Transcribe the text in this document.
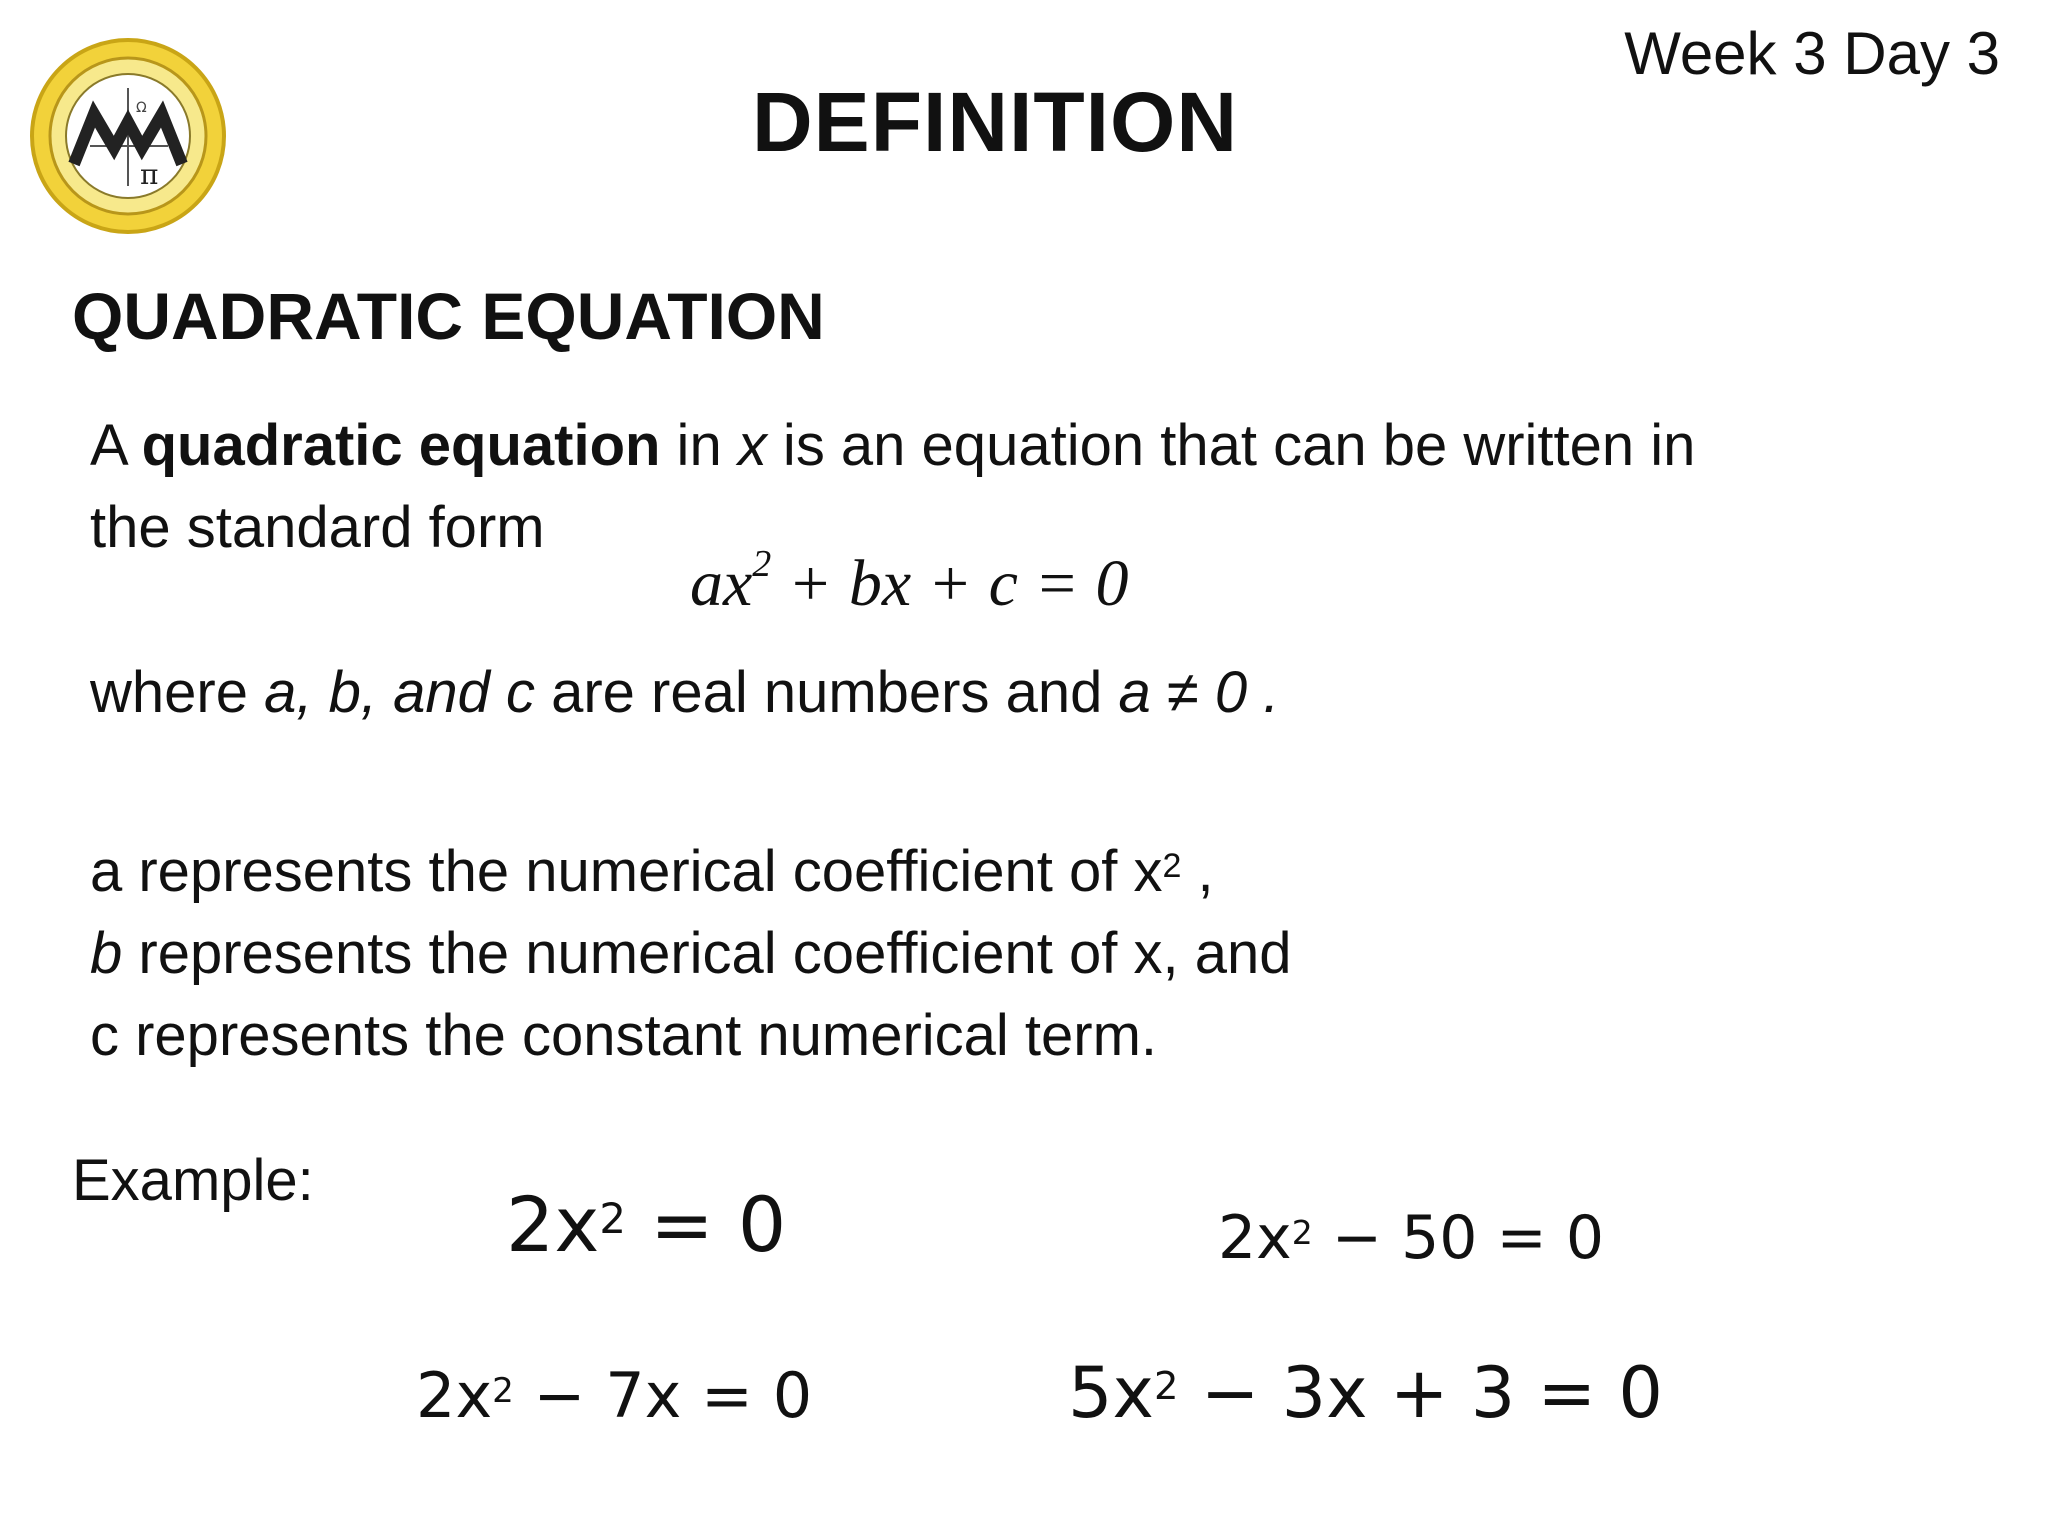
π
Ω
Week 3 Day 3
DEFINITION
QUADRATIC EQUATION
A quadratic equation in x is an equation that can be written in
the standard form
$ax^2$ + bx + c = 0
where a, b, and c are real numbers and a ≠ 0 .
a represents the numerical coefficient of $x^2$ ,
b represents the numerical coefficient of x, and
c represents the constant numerical term.
Example:	$2x^2 = 0$	$2x^2 - 50 = 0$
$2x^2 - 7x = 0$	$5x^2 - 3x + 3 = 0$
